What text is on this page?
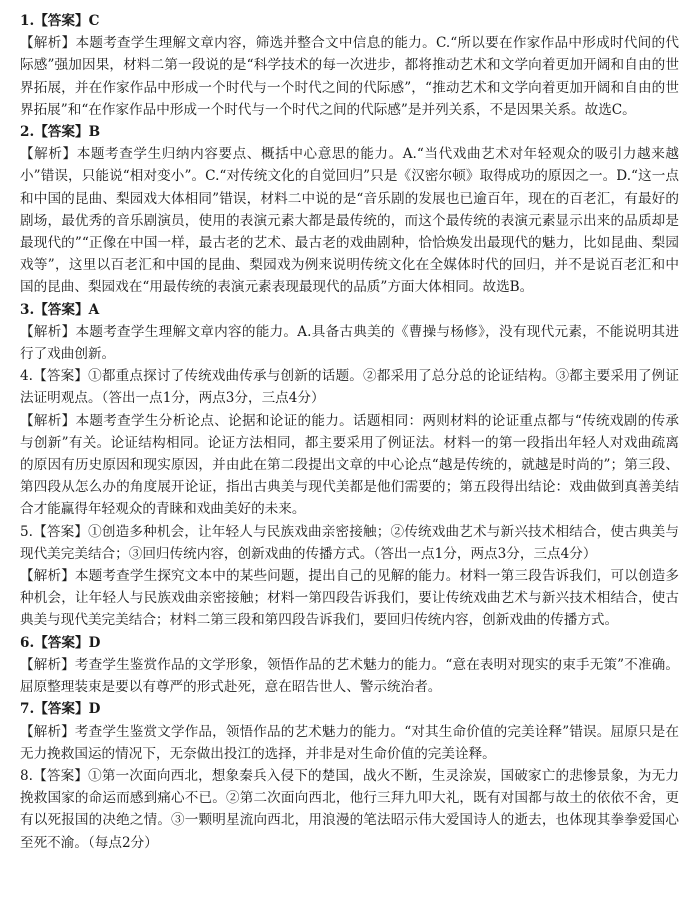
1.【答案】C

【解析】本题考查学生理解文章内容，筛选并整合文中信息的能力。C.“所以要在作家作品中形成时代间的代际感”强加因果，材料二第一段说的是“科学技术的每一次进步，都将推动艺术和文学向着更加开阔和自由的世界拓展，并在作家作品中形成一个时代与一个时代之间的代际感”，“推动艺术和文学向着更加开阔和自由的世界拓展”和“在作家作品中形成一个时代与一个时代之间的代际感”是并列关系，不是因果关系。故选C。

2.【答案】B

【解析】本题考查学生归纳内容要点、概括中心意思的能力。A.“当代戏曲艺术对年轻观众的吸引力越来越小”错误，只能说“相对变小”。C.“对传统文化的自觉回归”只是《汉密尔顿》取得成功的原因之一。D.“这一点和中国的昆曲、梨园戏大体相同”错误，材料二中说的是“音乐剧的发展也已逾百年，现在的百老汇，有最好的剧场，最优秀的音乐剧演员，使用的表演元素大都是最传统的，而这个最传统的表演元素显示出来的品质却是最现代的”“正像在中国一样，最古老的艺术、最古老的戏曲剧种，恰恰焕发出最现代的魅力，比如昆曲、梨园戏等”，这里以百老汇和中国的昆曲、梨园戏为例来说明传统文化在全媒体时代的回归，并不是说百老汇和中国的昆曲、梨园戏在“用最传统的表演元素表现最现代的品质”方面大体相同。故选B。

3.【答案】A

【解析】本题考查学生理解文章内容的能力。A.具备古典美的《曹操与杨修》，没有现代元素，不能说明其进行了戏曲创新。

4.【答案】①都重点探讨了传统戏曲传承与创新的话题。②都采用了总分总的论证结构。③都主要采用了例证法证明观点。（答出一点1分，两点3分，三点4分）

【解析】本题考查学生分析论点、论据和论证的能力。话题相同：两则材料的论证重点都与“传统戏剧的传承与创新”有关。论证结构相同。论证方法相同，都主要采用了例证法。材料一的第一段指出年轻人对戏曲疏离的原因有历史原因和现实原因，并由此在第二段提出文章的中心论点“越是传统的，就越是时尚的”；第三段、第四段从怎么办的角度展开论证，指出古典美与现代美都是他们需要的；第五段得出结论：戏曲做到真善美结合才能赢得年轻观众的青睐和戏曲美好的未来。

5.【答案】①创造多种机会，让年轻人与民族戏曲亲密接触；②传统戏曲艺术与新兴技术相结合，使古典美与现代美完美结合；③回归传统内容，创新戏曲的传播方式。（答出一点1分，两点3分，三点4分）

【解析】本题考查学生探究文本中的某些问题，提出自己的见解的能力。材料一第三段告诉我们，可以创造多种机会，让年轻人与民族戏曲亲密接触；材料一第四段告诉我们，要让传统戏曲艺术与新兴技术相结合，使古典美与现代美完美结合；材料二第三段和第四段告诉我们，要回归传统内容，创新戏曲的传播方式。

6.【答案】D

【解析】考查学生鉴赏作品的文学形象，领悟作品的艺术魅力的能力。“意在表明对现实的束手无策”不准确。屈原整理装束是要以有尊严的形式赴死，意在昭告世人、警示统治者。

7.【答案】D

【解析】考查学生鉴赏文学作品，领悟作品的艺术魅力的能力。“对其生命价值的完美诠释”错误。屈原只是在无力挽救国运的情况下，无奈做出投江的选择，并非是对生命价值的完美诠释。

8.【答案】①第一次面向西北，想象秦兵入侵下的楚国，战火不断，生灵涂炭，国破家亡的悲惨景象，为无力挽救国家的命运而感到痛心不已。②第二次面向西北，他行三拜九叩大礼，既有对国都与故土的依依不舍，更有以死报国的决绝之情。③一颗明星流向西北，用浪漫的笔法昭示伟大爱国诗人的逝去，也体现其拳拳爱国心至死不渝。（每点2分）
